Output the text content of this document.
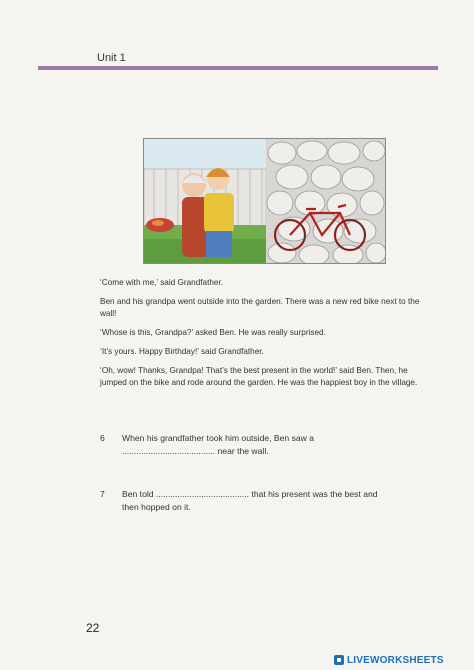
Unit 1
‘Come with me,’ said Grandfather.
Ben and his grandpa went outside into the garden. There was a new red bike next to the wall!
‘Whose is this, Grandpa?’ asked Ben. He was really surprised.
‘It’s yours. Happy Birthday!’ said Grandfather.
‘Oh, wow! Thanks, Grandpa! That’s the best present in the world!’ said Ben. Then, he jumped on the bike and rode around the garden. He was the happiest boy in the village.
6 When his grandfather took him outside, Ben saw a
....................................... near the wall.
7 Ben told ....................................... that his present was the best and
then hopped on it.
22
LIVEWORKSHEETS
